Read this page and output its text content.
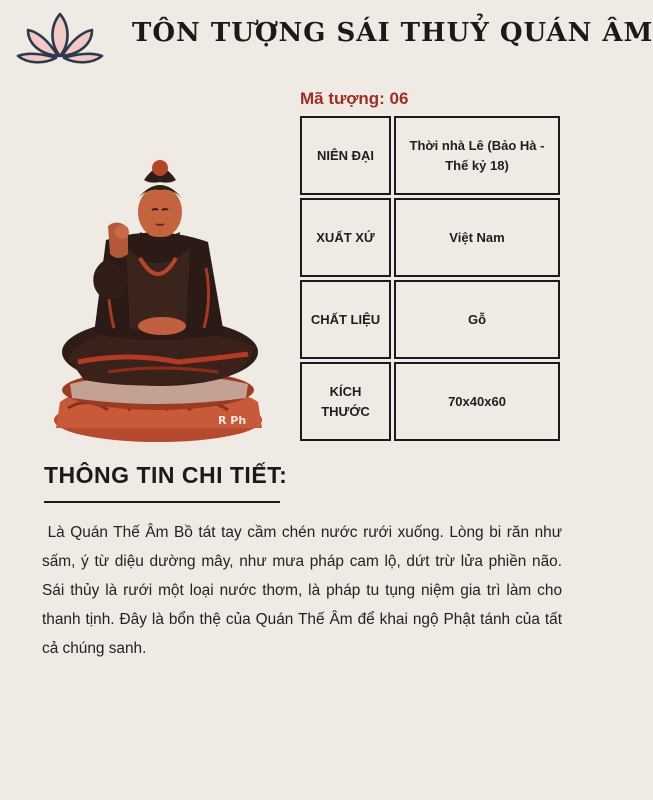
TÔN TƯỢNG SÁI THUỶ QUÁN ÂM
Mã tượng: 06
R Ph
NIÊN ĐẠI
Thời nhà Lê (Bảo Hà - Thế kỷ 18)
XUẤT XỨ	Việt Nam
CHẤT LIỆU	Gỗ
KÍCH THƯỚC
70x40x60
THÔNG TIN CHI TIẾT:

Là Quán Thế Âm Bồ tát tay cầm chén nước rưới xuống. Lòng bi răn như sấm, ý từ diệu dường mây, như mưa pháp cam lộ, dứt trừ lửa phiền não. Sái thủy là rưới một loại nước thơm, là pháp tu tụng niệm gia trì làm cho thanh tịnh. Đây là bổn thệ của Quán Thế Âm để khai ngộ Phật tánh của tất cả chúng sanh.
